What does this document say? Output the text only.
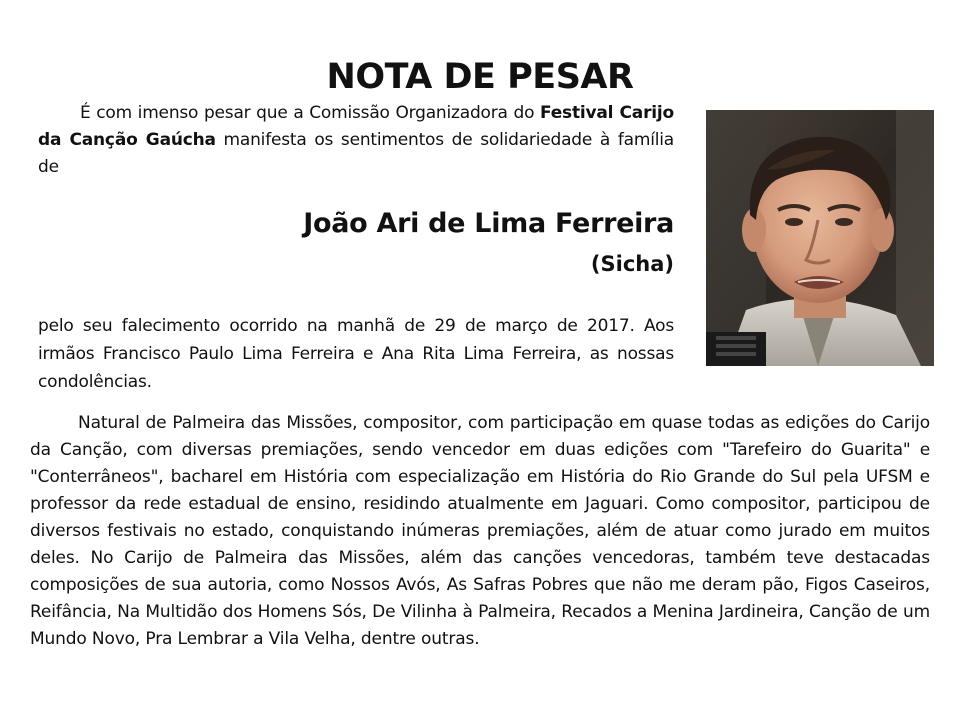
NOTA DE PESAR

É com imenso pesar que a Comissão Organizadora do Festival Carijo da Canção Gaúcha manifesta os sentimentos de solidariedade à família de

João Ari de Lima Ferreira

(Sicha)

pelo seu falecimento ocorrido na manhã de 29 de março de 2017. Aos irmãos Francisco Paulo Lima Ferreira e Ana Rita Lima Ferreira, as nossas condolências.

Natural de Palmeira das Missões, compositor, com participação em quase todas as edições do Carijo da Canção, com diversas premiações, sendo vencedor em duas edições com "Tarefeiro do Guarita" e "Conterrâneos", bacharel em História com especialização em História do Rio Grande do Sul pela UFSM e professor da rede estadual de ensino, residindo atualmente em Jaguari. Como compositor, participou de diversos festivais no estado, conquistando inúmeras premiações, além de atuar como jurado em muitos deles. No Carijo de Palmeira das Missões, além das canções vencedoras, também teve destacadas composições de sua autoria, como Nossos Avós, As Safras Pobres que não me deram pão, Figos Caseiros, Reifância, Na Multidão dos Homens Sós, De Vilinha à Palmeira, Recados a Menina Jardineira, Canção de um Mundo Novo, Pra Lembrar a Vila Velha, dentre outras.
